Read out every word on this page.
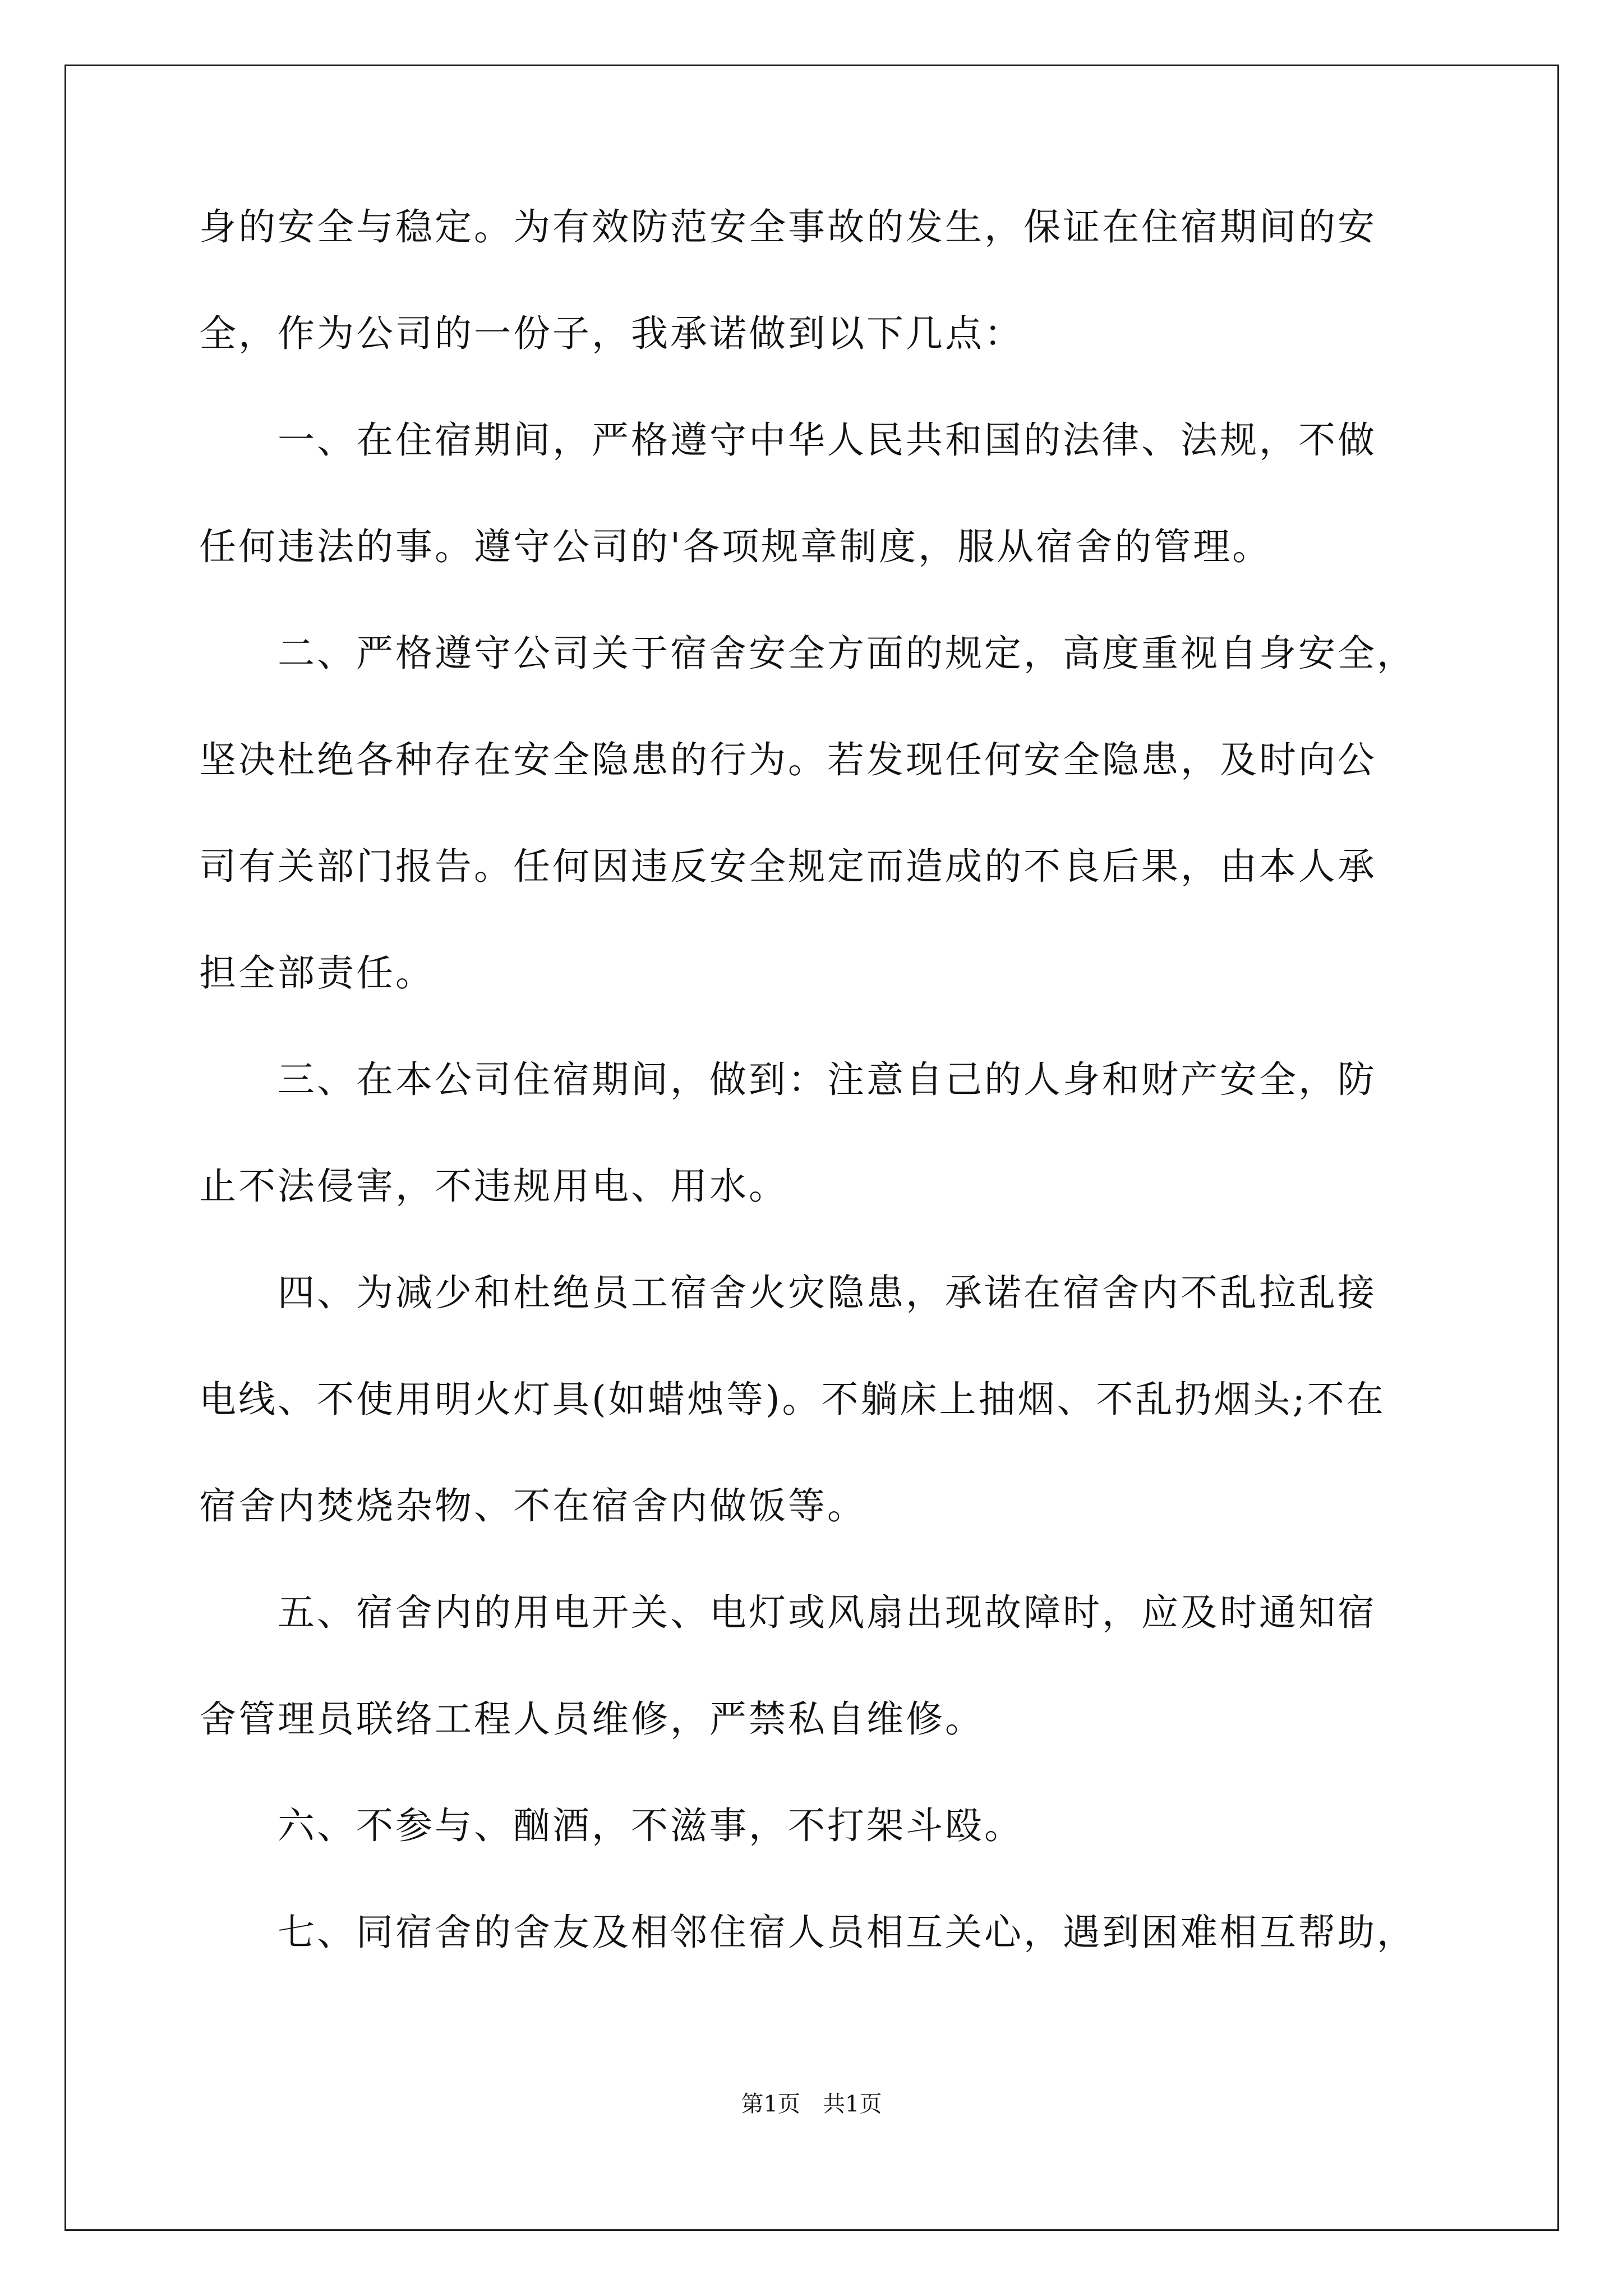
身的安全与稳定。为有效防范安全事故的发生，保证在住宿期间的安
全，作为公司的一份子，我承诺做到以下几点：
　　一、在住宿期间，严格遵守中华人民共和国的法律、法规，不做
任何违法的事。遵守公司的'各项规章制度，服从宿舍的管理。
　　二、严格遵守公司关于宿舍安全方面的规定，高度重视自身安全，
坚决杜绝各种存在安全隐患的行为。若发现任何安全隐患，及时向公
司有关部门报告。任何因违反安全规定而造成的不良后果，由本人承
担全部责任。
　　三、在本公司住宿期间，做到：注意自己的人身和财产安全，防
止不法侵害，不违规用电、用水。
　　四、为减少和杜绝员工宿舍火灾隐患，承诺在宿舍内不乱拉乱接
电线、不使用明火灯具(如蜡烛等)。不躺床上抽烟、不乱扔烟头;不在
宿舍内焚烧杂物、不在宿舍内做饭等。
　　五、宿舍内的用电开关、电灯或风扇出现故障时，应及时通知宿
舍管理员联络工程人员维修，严禁私自维修。
　　六、不参与、酗酒，不滋事，不打架斗殴。
　　七、同宿舍的舍友及相邻住宿人员相互关心，遇到困难相互帮助，
第1页 共1页
